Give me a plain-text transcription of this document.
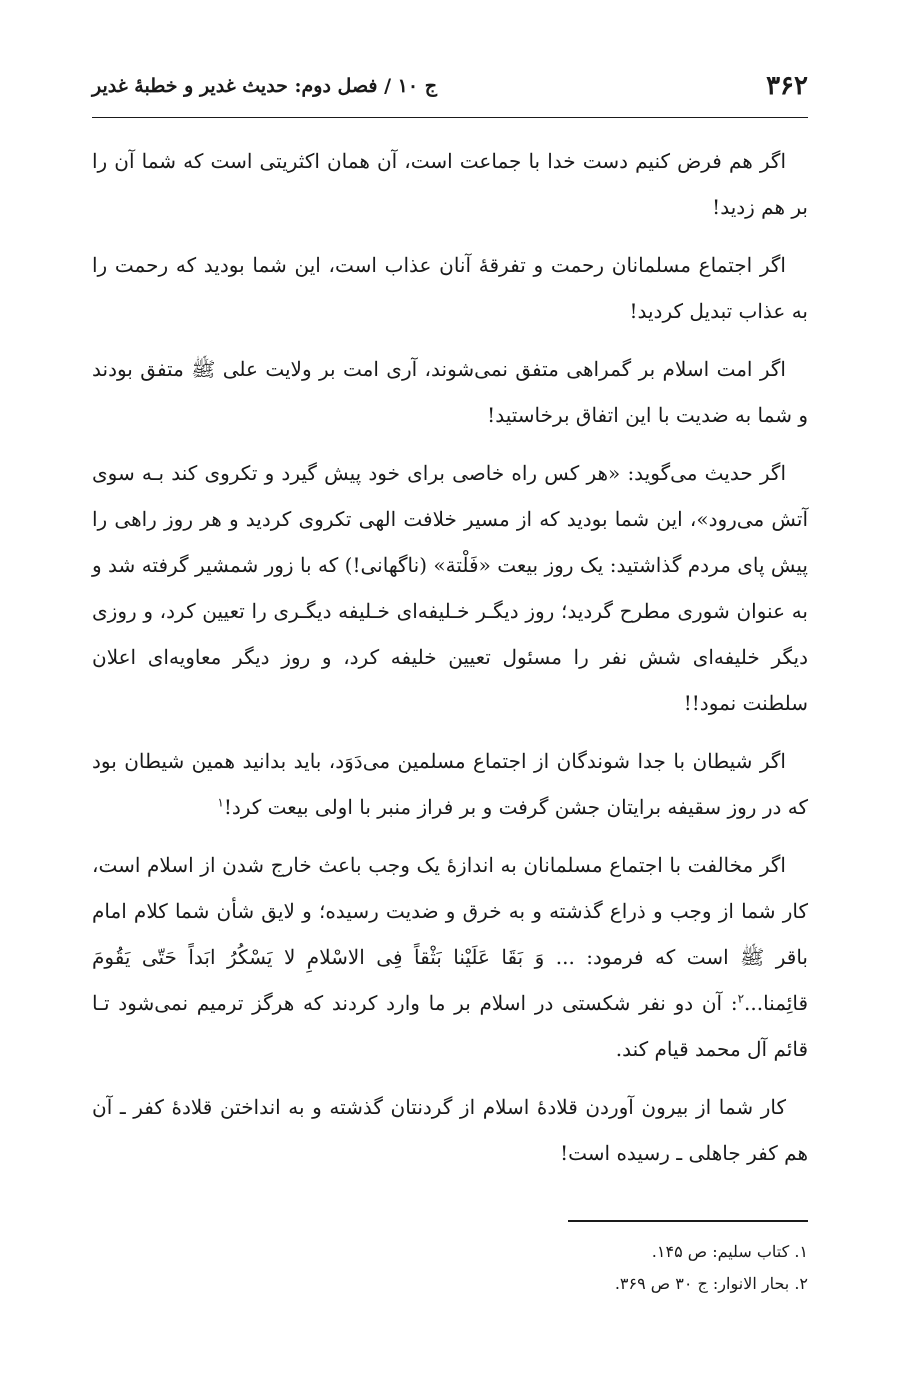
۳۶۲
ج ۱۰ / فصل دوم: حدیث غدیر و خطبهٔ غدیر

اگر هم فرض کنیم دست خدا با جماعت است، آن همان اکثریتی است که شما آن را بر هم زدید!

اگر اجتماع مسلمانان رحمت و تفرقهٔ آنان عذاب است، این شما بودید که رحمت را به عذاب تبدیل کردید!

اگر امت اسلام بر گمراهی متفق نمی‌شوند، آری امت بر ولایت علی ﷺ متفق بودند و شما به ضدیت با این اتفاق برخاستید!

اگر حدیث می‌گوید: «هر کس راه خاصی برای خود پیش گیرد و تکروی کند بـه سوی آتش می‌رود»، این شما بودید که از مسیر خلافت الهی تکروی کردید و هر روز راهی را پیش پای مردم گذاشتید: یک روز بیعت «فَلْتة» (ناگهانی!) که با زور شمشیر گرفته شد و به عنوان شوری مطرح گردید؛ روز دیگـر خـلیفه‌ای خـلیفه دیگـری را تعیین کرد، و روزی دیگر خلیفه‌ای شش نفر را مسئول تعیین خلیفه کرد، و روز دیگر معاویه‌ای اعلان سلطنت نمود!!

اگر شیطان با جدا شوندگان از اجتماع مسلمین می‌دَوَد، باید بدانید همین شیطان بود که در روز سقیفه برایتان جشن گرفت و بر فراز منبر با اولی بیعت کرد!$^۱$

اگر مخالفت با اجتماع مسلمانان به اندازهٔ یک وجب باعث خارج شدن از اسلام است، کار شما از وجب و ذراع گذشته و به خرق و ضدیت رسیده؛ و لایق شأن شما کلام امام باقر ﷺ است که فرمود: ... وَ بَقَا عَلَیْنا بَثْقاً فِی الاسْلامِ لا یَسْکُرُ ابَداً حَتّی یَقُومَ قائِمنا...$^۲$: آن دو نفر شکستی در اسلام بر ما وارد کردند که هرگز ترمیم نمی‌شود تـا قائم آل محمد قیام کند.

کار شما از بیرون آوردن قلادهٔ اسلام از گردنتان گذشته و به انداختن قلادهٔ کفر ـ آن هم کفر جاهلی ـ رسیده است!

۱. کتاب سلیم: ص ۱۴۵.

۲. بحار الانوار: ج ۳۰ ص ۳۶۹.
